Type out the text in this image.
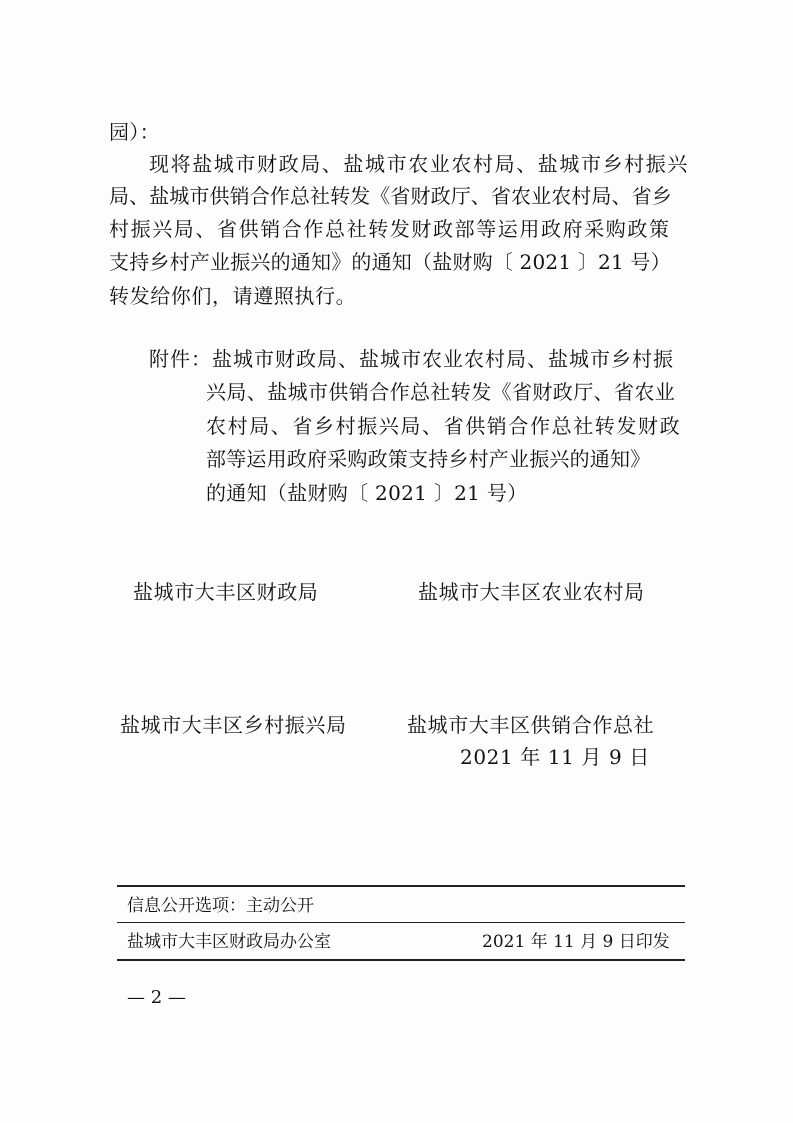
园）：
现将盐城市财政局、盐城市农业农村局、盐城市乡村振兴
局、盐城市供销合作总社转发《省财政厅、省农业农村局、省乡
村振兴局、省供销合作总社转发财政部等运用政府采购政策
支持乡村产业振兴的通知》的通知（盐财购〔 2021 〕21 号）
转发给你们，请遵照执行。
附件：盐城市财政局、盐城市农业农村局、盐城市乡村振
兴局、盐城市供销合作总社转发《省财政厅、省农业
农村局、省乡村振兴局、省供销合作总社转发财政
部等运用政府采购政策支持乡村产业振兴的通知》
的通知（盐财购〔 2021 〕21 号）
盐城市大丰区财政局	盐城市大丰区农业农村局
盐城市大丰区乡村振兴局	盐城市大丰区供销合作总社
2021 年 11 月 9 日
信息公开选项：主动公开
盐城市大丰区财政局办公室	2021 年 11 月 9 日印发
— 2 —
